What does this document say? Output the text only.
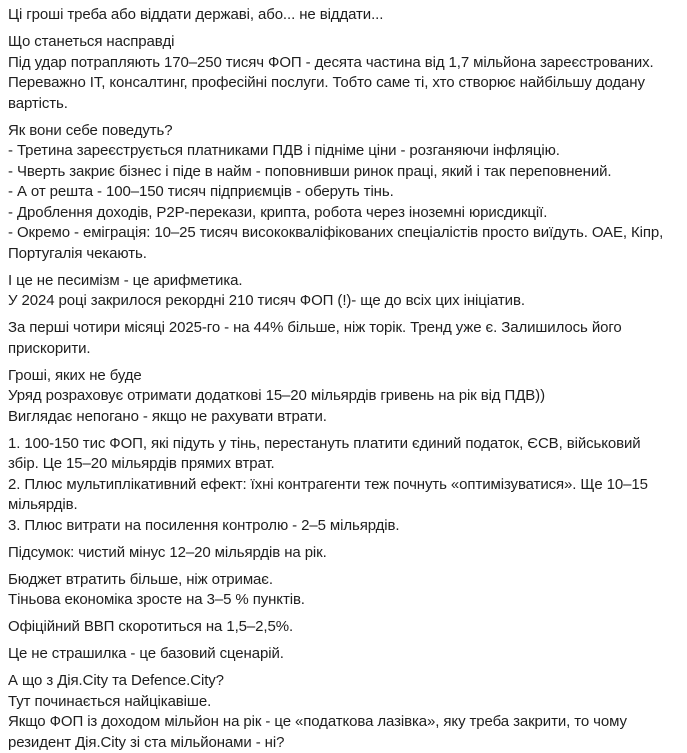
Ці гроші треба або віддати державі, або... не віддати...

Що станеться насправді
Під удар потрапляють 170–250 тисяч ФОП - десята частина від 1,7 мільйона зареєстрованих. Переважно ІТ, консалтинг, професійні послуги. Тобто саме ті, хто створює найбільшу додану вартість.

Як вони себе поведуть?
- Третина зареєструється платниками ПДВ і підніме ціни - розганяючи інфляцію.
- Чверть закриє бізнес і піде в найм - поповнивши ринок праці, який і так переповнений.
- А от решта - 100–150 тисяч підприємців - оберуть тінь.
- Дроблення доходів, P2P-перекази, крипта, робота через іноземні юрисдикції.
- Окремо - еміграція: 10–25 тисяч висококваліфікованих спеціалістів просто виїдуть. ОАЕ, Кіпр, Португалія чекають.

І це не песимізм - це арифметика.
У 2024 році закрилося рекордні 210 тисяч ФОП (!)- ще до всіх цих ініціатив.

За перші чотири місяці 2025-го - на 44% більше, ніж торік. Тренд уже є. Залишилось його прискорити.

Гроші, яких не буде
Уряд розраховує отримати додаткові 15–20 мільярдів гривень на рік від ПДВ))
Виглядає непогано - якщо не рахувати втрати.

1. 100-150 тис ФОП, які підуть у тінь, перестануть платити єдиний податок, ЄСВ, військовий збір. Це 15–20 мільярдів прямих втрат.
2. Плюс мультиплікативний ефект: їхні контрагенти теж почнуть «оптимізуватися». Ще 10–15 мільярдів.
3. Плюс витрати на посилення контролю - 2–5 мільярдів.

Підсумок: чистий мінус 12–20 мільярдів на рік.

Бюджет втратить більше, ніж отримає.
Тіньова економіка зросте на 3–5 % пунктів.

Офіційний ВВП скоротиться на 1,5–2,5%.

Це не страшилка - це базовий сценарій.

А що з Дія.City та Defence.City?
Тут починається найцікавіше.
Якщо ФОП із доходом мільйон на рік - це «податкова лазівка», яку треба закрити, то чому резидент Дія.City зі ста мільйонами - ні?
